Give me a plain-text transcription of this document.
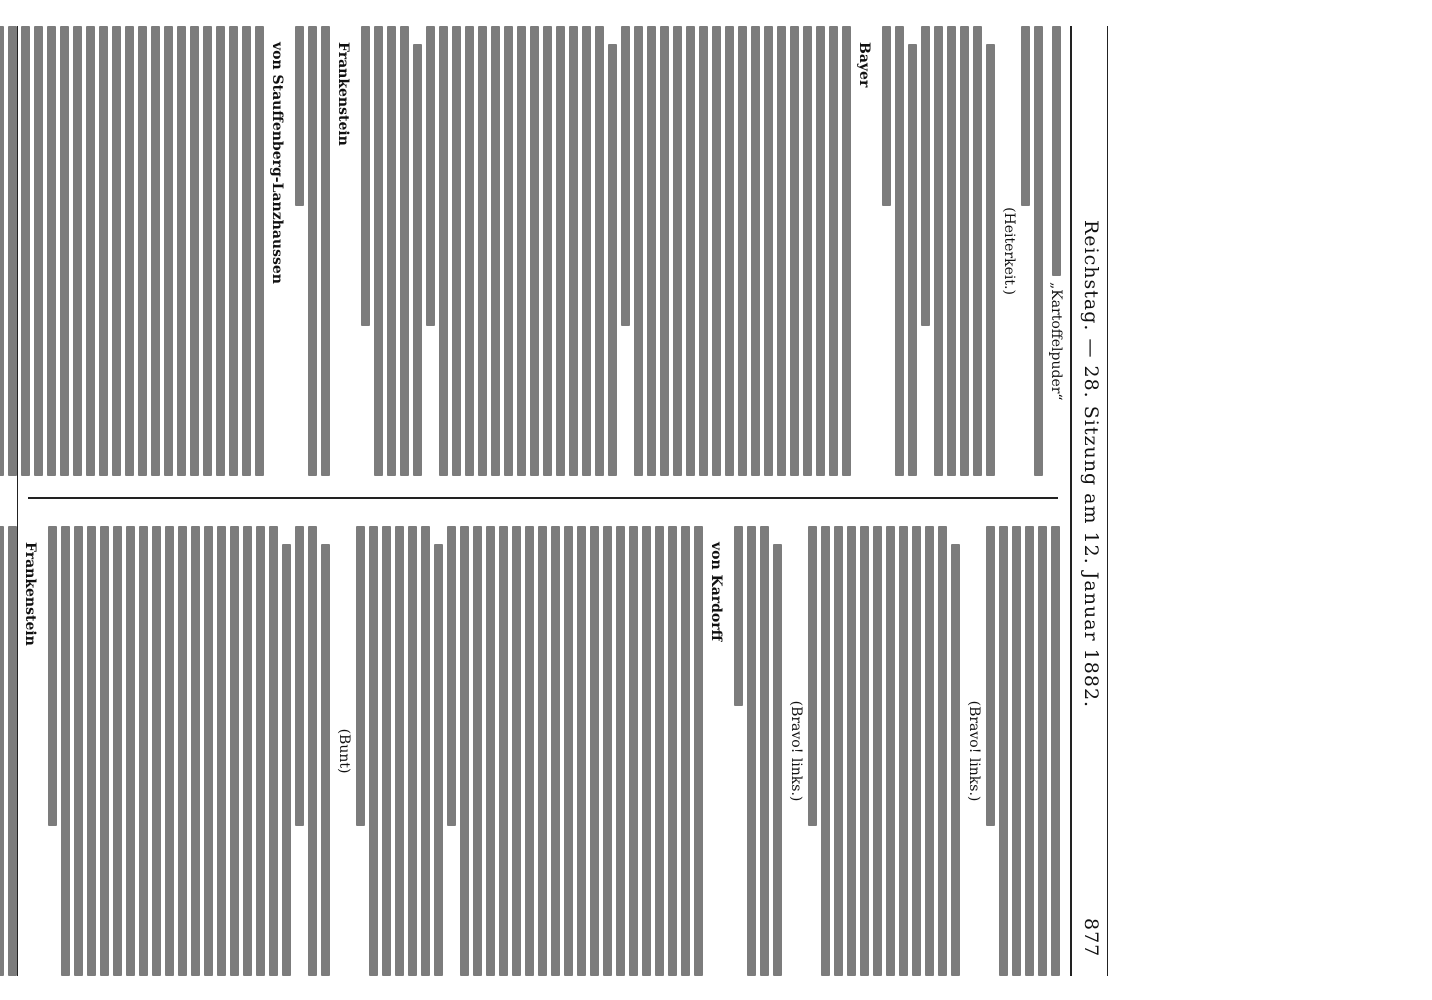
Reichstag. — 28. Sitzung am 12. Januar 1882.
877
„Kartoffelpuder“
(Heiterkeit.)
Bayer
Frankenstein
von Stauffenberg-Lanzhaussen
(Bravo! links.)
(Bravo! links.)
von Kardorff
(Bunt)
Frankenstein
